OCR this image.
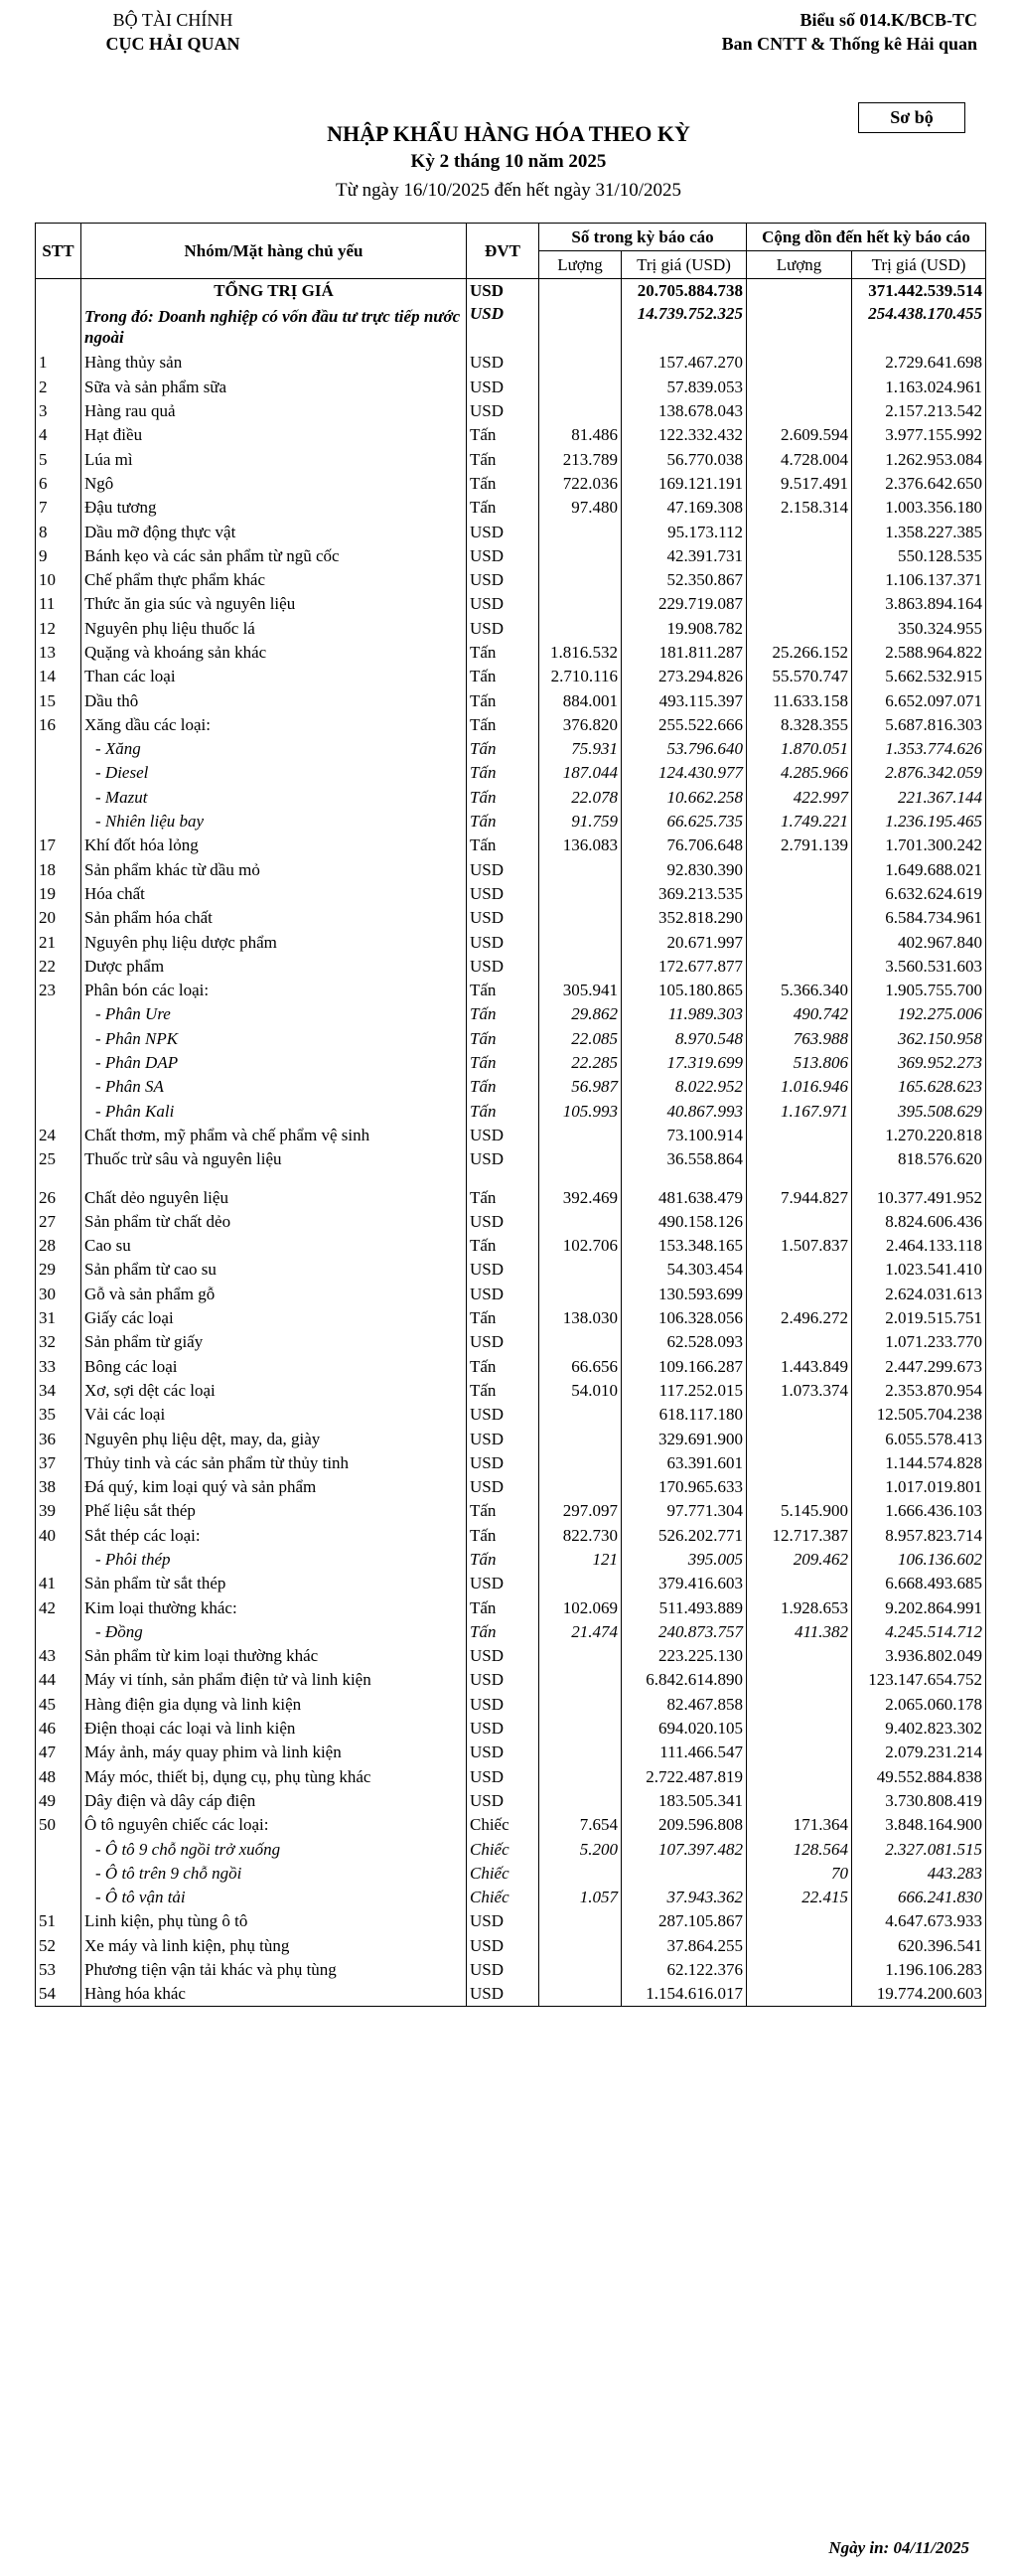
BỘ TÀI CHÍNH
CỤC HẢI QUAN
Biểu số 014.K/BCB-TC
Ban CNTT & Thống kê Hải quan
Sơ bộ
NHẬP KHẨU HÀNG HÓA THEO KỲ
Kỳ 2 tháng 10 năm 2025
Từ ngày 16/10/2025 đến hết ngày 31/10/2025
STT	Nhóm/Mặt hàng chủ yếu	ĐVT	Số trong kỳ báo cáo		Cộng dồn đến hết kỳ báo cáo	
			Lượng	Trị giá (USD)	Lượng	Trị giá (USD)
	TỔNG TRỊ GIÁ	USD		20.705.884.738		371.442.539.514
	Trong đó: Doanh nghiệp có vốn đầu tư trực tiếp nước ngoài	USD		14.739.752.325		254.438.170.455
1	Hàng thủy sản	USD		157.467.270		2.729.641.698
2	Sữa và sản phẩm sữa	USD		57.839.053		1.163.024.961
3	Hàng rau quả	USD		138.678.043		2.157.213.542
4	Hạt điều	Tấn	81.486	122.332.432	2.609.594	3.977.155.992
5	Lúa mì	Tấn	213.789	56.770.038	4.728.004	1.262.953.084
6	Ngô	Tấn	722.036	169.121.191	9.517.491	2.376.642.650
7	Đậu tương	Tấn	97.480	47.169.308	2.158.314	1.003.356.180
8	Dầu mỡ động thực vật	USD		95.173.112		1.358.227.385
9	Bánh kẹo và các sản phẩm từ ngũ cốc	USD		42.391.731		550.128.535
10	Chế phẩm thực phẩm khác	USD		52.350.867		1.106.137.371
11	Thức ăn gia súc và nguyên liệu	USD		229.719.087		3.863.894.164
12	Nguyên phụ liệu thuốc lá	USD		19.908.782		350.324.955
13	Quặng và khoáng sản khác	Tấn	1.816.532	181.811.287	25.266.152	2.588.964.822
14	Than các loại	Tấn	2.710.116	273.294.826	55.570.747	5.662.532.915
15	Dầu thô	Tấn	884.001	493.115.397	11.633.158	6.652.097.071
16	Xăng dầu các loại:	Tấn	376.820	255.522.666	8.328.355	5.687.816.303
	- Xăng	Tấn	75.931	53.796.640	1.870.051	1.353.774.626
	- Diesel	Tấn	187.044	124.430.977	4.285.966	2.876.342.059
	- Mazut	Tấn	22.078	10.662.258	422.997	221.367.144
	- Nhiên liệu bay	Tấn	91.759	66.625.735	1.749.221	1.236.195.465
17	Khí đốt hóa lỏng	Tấn	136.083	76.706.648	2.791.139	1.701.300.242
18	Sản phẩm khác từ dầu mỏ	USD		92.830.390		1.649.688.021
19	Hóa chất	USD		369.213.535		6.632.624.619
20	Sản phẩm hóa chất	USD		352.818.290		6.584.734.961
21	Nguyên phụ liệu dược phẩm	USD		20.671.997		402.967.840
22	Dược phẩm	USD		172.677.877		3.560.531.603
23	Phân bón các loại:	Tấn	305.941	105.180.865	5.366.340	1.905.755.700
	- Phân Ure	Tấn	29.862	11.989.303	490.742	192.275.006
	- Phân NPK	Tấn	22.085	8.970.548	763.988	362.150.958
	- Phân DAP	Tấn	22.285	17.319.699	513.806	369.952.273
	- Phân SA	Tấn	56.987	8.022.952	1.016.946	165.628.623
	- Phân Kali	Tấn	105.993	40.867.993	1.167.971	395.508.629
24	Chất thơm, mỹ phẩm và chế phẩm vệ sinh	USD		73.100.914		1.270.220.818
25	Thuốc trừ sâu và nguyên liệu	USD		36.558.864		818.576.620

26	Chất dẻo nguyên liệu	Tấn	392.469	481.638.479	7.944.827	10.377.491.952
27	Sản phẩm từ chất dẻo	USD		490.158.126		8.824.606.436
28	Cao su	Tấn	102.706	153.348.165	1.507.837	2.464.133.118
29	Sản phẩm từ cao su	USD		54.303.454		1.023.541.410
30	Gỗ và sản phẩm gỗ	USD		130.593.699		2.624.031.613
31	Giấy các loại	Tấn	138.030	106.328.056	2.496.272	2.019.515.751
32	Sản phẩm từ giấy	USD		62.528.093		1.071.233.770
33	Bông các loại	Tấn	66.656	109.166.287	1.443.849	2.447.299.673
34	Xơ, sợi dệt các loại	Tấn	54.010	117.252.015	1.073.374	2.353.870.954
35	Vải các loại	USD		618.117.180		12.505.704.238
36	Nguyên phụ liệu dệt, may, da, giày	USD		329.691.900		6.055.578.413
37	Thủy tinh và các sản phẩm từ thủy tinh	USD		63.391.601		1.144.574.828
38	Đá quý, kim loại quý và sản phẩm	USD		170.965.633		1.017.019.801
39	Phế liệu sắt thép	Tấn	297.097	97.771.304	5.145.900	1.666.436.103
40	Sắt thép các loại:	Tấn	822.730	526.202.771	12.717.387	8.957.823.714
	- Phôi thép	Tấn	121	395.005	209.462	106.136.602
41	Sản phẩm từ sắt thép	USD		379.416.603		6.668.493.685
42	Kim loại thường khác:	Tấn	102.069	511.493.889	1.928.653	9.202.864.991
	- Đồng	Tấn	21.474	240.873.757	411.382	4.245.514.712
43	Sản phẩm từ kim loại thường khác	USD		223.225.130		3.936.802.049
44	Máy vi tính, sản phẩm điện tử và linh kiện	USD		6.842.614.890		123.147.654.752
45	Hàng điện gia dụng và linh kiện	USD		82.467.858		2.065.060.178
46	Điện thoại các loại và linh kiện	USD		694.020.105		9.402.823.302
47	Máy ảnh, máy quay phim và linh kiện	USD		111.466.547		2.079.231.214
48	Máy móc, thiết bị, dụng cụ, phụ tùng khác	USD		2.722.487.819		49.552.884.838
49	Dây điện và dây cáp điện	USD		183.505.341		3.730.808.419
50	Ô tô nguyên chiếc các loại:	Chiếc	7.654	209.596.808	171.364	3.848.164.900
	- Ô tô 9 chỗ ngồi trở xuống	Chiếc	5.200	107.397.482	128.564	2.327.081.515
	- Ô tô trên 9 chỗ ngồi	Chiếc			70	443.283
	- Ô tô vận tải	Chiếc	1.057	37.943.362	22.415	666.241.830
51	Linh kiện, phụ tùng ô tô	USD		287.105.867		4.647.673.933
52	Xe máy và linh kiện, phụ tùng	USD		37.864.255		620.396.541
53	Phương tiện vận tải khác và phụ tùng	USD		62.122.376		1.196.106.283
54	Hàng hóa khác	USD		1.154.616.017		19.774.200.603
Ngày in: 04/11/2025
